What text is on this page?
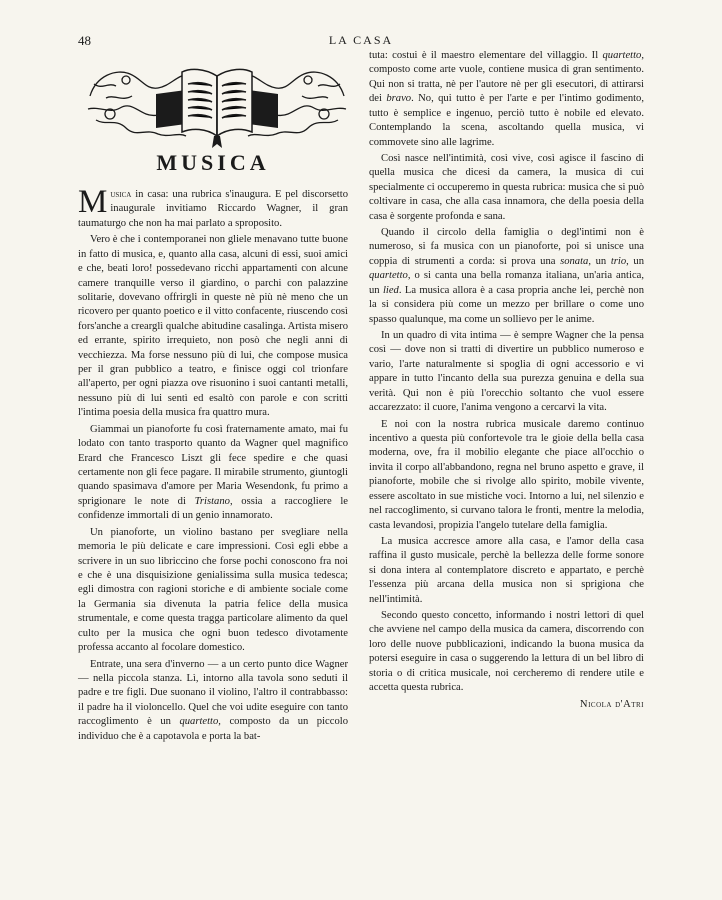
48	LA CASA
MUSICA

Musica in casa: una rubrica s'inaugura. E pel discorsetto inaugurale invitiamo Riccardo Wagner, il gran taumaturgo che non ha mai parlato a sproposito.

Vero è che i contemporanei non gliele menavano tutte buone in fatto di musica, e, quanto alla casa, alcuni di essi, suoi amici e che, beati loro! possedevano ricchi appartamenti con alcune camere tranquille verso il giardino, o parchi con palazzine solitarie, dovevano offrirgli in queste nè più nè meno che un ricovero per quanto poetico e il vitto confacente, riuscendo così fors'anche a crearglì qualche abitudine casalinga. Artista misero ed errante, spirito irrequieto, non posò che negli anni di vecchiezza. Ma forse nessuno più di lui, che compose musica per il gran pubblico a teatro, e finisce oggi col trionfare all'aperto, per ogni piazza ove risuonino i suoi cantanti metalli, nessuno più di lui sentì ed esaltò con parole e con scritti l'intima poesia della musica fra quattro mura.

Giammai un pianoforte fu così fraternamente amato, mai fu lodato con tanto trasporto quanto da Wagner quel magnifico Erard che Francesco Liszt gli fece spedire e che quasi certamente non gli fece pagare. Il mirabile strumento, giuntogli quando spasimava d'amore per Maria Wesendonk, fu primo a sprigionare le note di Tristano, ossia a raccogliere le confidenze immortali di un genio innamorato.

Un pianoforte, un violino bastano per svegliare nella memoria le più delicate e care impressioni. Così egli ebbe a scrivere in un suo libriccino che forse pochi conoscono fra noi e che è una disquisizione genialissima sulla musica tedesca; egli dimostra con ragioni storiche e di ambiente sociale come la Germania sia divenuta la patria felice della musica strumentale, e come questa tragga particolare alimento da quel culto per la musica che ogni buon tedesco divotamente professa accanto al focolare domestico.

Entrate, una sera d'inverno — a un certo punto dice Wagner — nella piccola stanza. Lì, intorno alla tavola sono seduti il padre e tre figli. Due suonano il violino, l'altro il contrabbasso: il padre ha il violoncello. Quel che voi udite eseguire con tanto raccoglimento è un quartetto, composto da un piccolo individuo che è a capotavola e porta la bat-

tuta: costui è il maestro elementare del villaggio. Il quartetto, composto come arte vuole, contiene musica di gran sentimento. Qui non si tratta, nè per l'autore nè per gli esecutori, di attirarsi dei bravo. No, qui tutto è per l'arte e per l'intimo godimento, tutto è semplice e ingenuo, perciò tutto è nobile ed elevato. Contemplando la scena, ascoltando quella musica, vi commovete sino alle lagrime.

Così nasce nell'intimità, così vive, così agisce il fascino di quella musica che dicesi da camera, la musica di cui specialmente ci occuperemo in questa rubrica: musica che si può coltivare in casa, che alla casa innamora, che della poesia della casa è sorgente profonda e sana.

Quando il circolo della famiglia o degl'intimi non è numeroso, si fa musica con un pianoforte, poi si unisce una coppia di strumenti a corda: si prova una sonata, un trio, un quartetto, o si canta una bella romanza italiana, un'aria antica, un lied. La musica allora è a casa propria anche lei, perchè non la si considera più come un mezzo per brillare o come uno spasso qualunque, ma come un sollievo per le anime.

In un quadro di vita intima — è sempre Wagner che la pensa così — dove non si tratti di divertire un pubblico numeroso e vario, l'arte naturalmente si spoglia di ogni accessorio e vi appare in tutto l'incanto della sua purezza genuina e della sua verità. Qui non è più l'orecchio soltanto che vuol essere accarezzato: il cuore, l'anima vengono a cercarvi la vita.

E noi con la nostra rubrica musicale daremo continuo incentivo a questa più confortevole tra le gioie della bella casa moderna, ove, fra il mobilio elegante che piace all'occhio o invita il corpo all'abbandono, regna nel bruno aspetto e grave, il pianoforte, mobile che si rivolge allo spirito, mobile vivente, essere ascoltato in sue mistiche voci. Intorno a lui, nel silenzio e nel raccoglimento, si curvano talora le fronti, mentre la melodia, casta levandosi, propizia l'angelo tutelare della famiglia.

La musica accresce amore alla casa, e l'amor della casa raffina il gusto musicale, perchè la bellezza delle forme sonore si dona intera al contemplatore discreto e appartato, e perchè l'essenza più arcana della musica non si sprigiona che nell'intimità.

Secondo questo concetto, informando i nostri lettori di quel che avviene nel campo della musica da camera, discorrendo con loro delle nuove pubblicazioni, indicando la buona musica da potersi eseguire in casa o suggerendo la lettura di un bel libro di storia o di critica musicale, noi cercheremo di rendere utile e accetta questa rubrica.

Nicola d'Atri
